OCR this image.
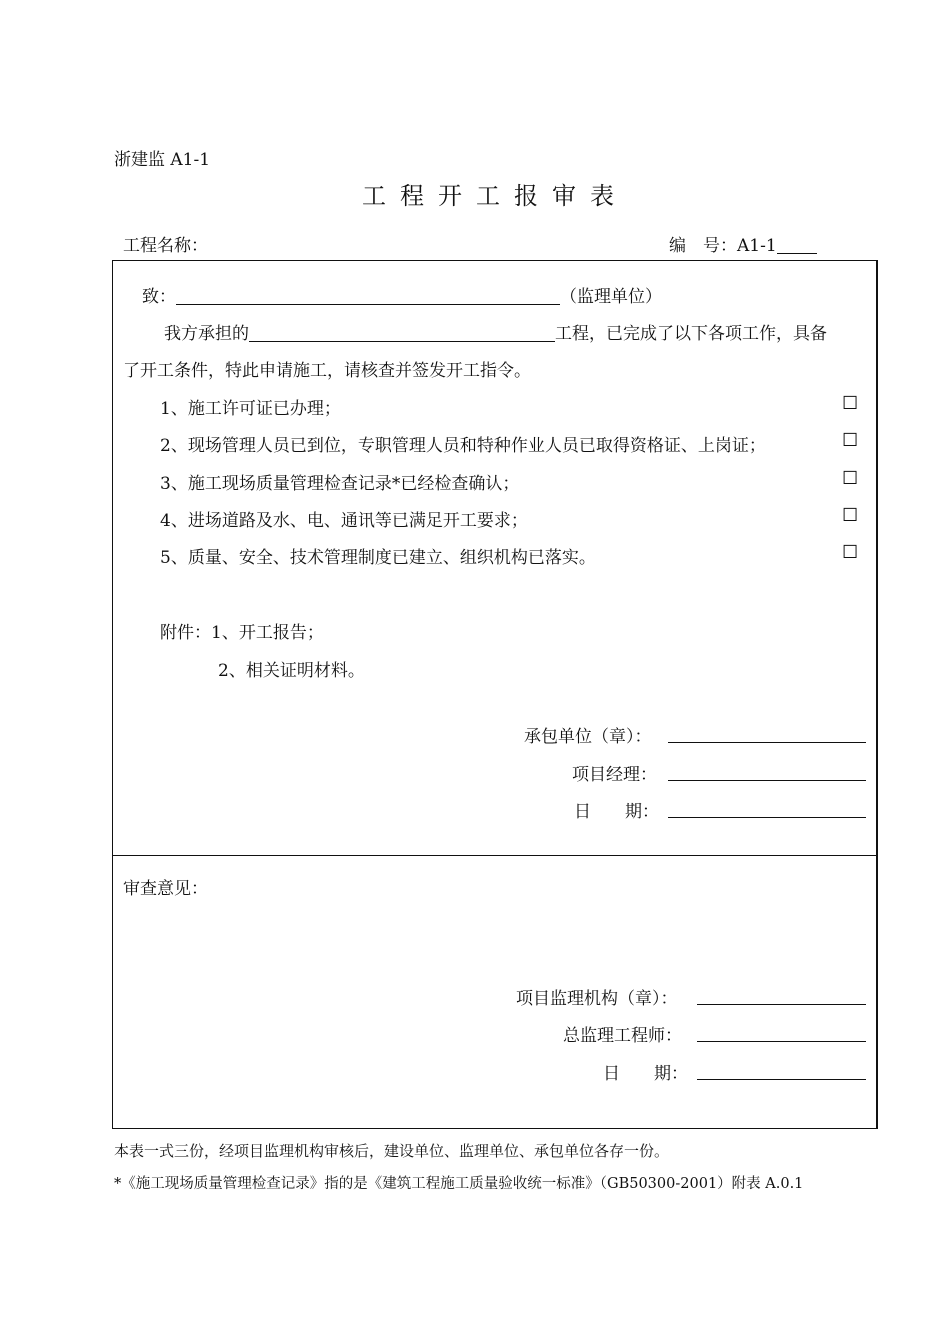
浙建监 A1-1
工程开工报审表
工程名称：	编　号：A1-1
致：	（监理单位）
我方承担的	工程，已完成了以下各项工作，具备
了开工条件，特此申请施工，请核查并签发开工指令。
1、施工许可证已办理；	☐
2、现场管理人员已到位，专职管理人员和特种作业人员已取得资格证、上岗证；	☐
3、施工现场质量管理检查记录*已经检查确认；	☐
4、进场道路及水、电、通讯等已满足开工要求；	☐
5、质量、安全、技术管理制度已建立、组织机构已落实。	☐
附件：1、开工报告；
2、相关证明材料。
承包单位（章）：
项目经理：
日　　期：
审查意见：
项目监理机构（章）：
总监理工程师：
日　　期：
本表一式三份，经项目监理机构审核后，建设单位、监理单位、承包单位各存一份。
*《施工现场质量管理检查记录》指的是《建筑工程施工质量验收统一标准》（GB50300-2001）附表 A.0.1
